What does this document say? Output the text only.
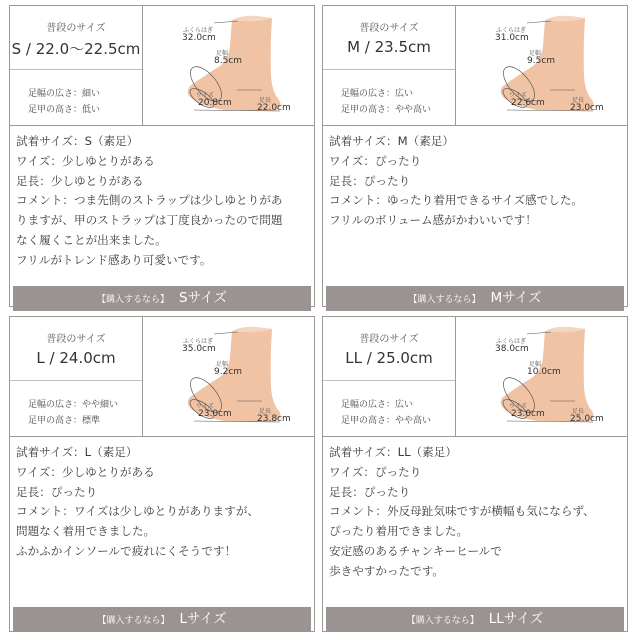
普段のサイズ
S / 22.0〜22.5cm
足幅の広さ：細い
足甲の高さ：低い
ふくらはぎ
32.0cm
足幅
8.5cm
ワイズ
20.8cm	足長
22.0cm
試着サイズ：S（素足）
ワイズ：少しゆとりがある
足長：少しゆとりがある
コメント：つま先側のストラップは少しゆとりがあ
りますが、甲のストラップは丁度良かったので問題
なく履くことが出来ました。
フリルがトレンド感あり可愛いです。
【購入するなら】 Sサイズ
普段のサイズ
M / 23.5cm
足幅の広さ：広い
足甲の高さ：やや高い
ふくらはぎ
31.0cm
足幅
9.5cm
ワイズ
22.6cm	足長
23.0cm
試着サイズ：M（素足）
ワイズ：ぴったり
足長：ぴったり
コメント：ゆったり着用できるサイズ感でした。
フリルのボリューム感がかわいいです！
【購入するなら】 Mサイズ
普段のサイズ
L / 24.0cm
足幅の広さ：やや細い
足甲の高さ：標準
ふくらはぎ
35.0cm
足幅
9.2cm
ワイズ
23.0cm	足長
23.8cm
試着サイズ：L（素足）
ワイズ：少しゆとりがある
足長：ぴったり
コメント：ワイズは少しゆとりがありますが、
問題なく着用できました。
ふかふかインソールで疲れにくそうです！
【購入するなら】 Lサイズ
普段のサイズ
LL / 25.0cm
足幅の広さ：広い
足甲の高さ：やや高い
ふくらはぎ
38.0cm
足幅
10.0cm
ワイズ
23.0cm	足長
25.0cm
試着サイズ：LL（素足）
ワイズ：ぴったり
足長：ぴったり
コメント：外反母趾気味ですが横幅も気にならず、
ぴったり着用できました。
安定感のあるチャンキーヒールで
歩きやすかったです。
【購入するなら】 LLサイズ
